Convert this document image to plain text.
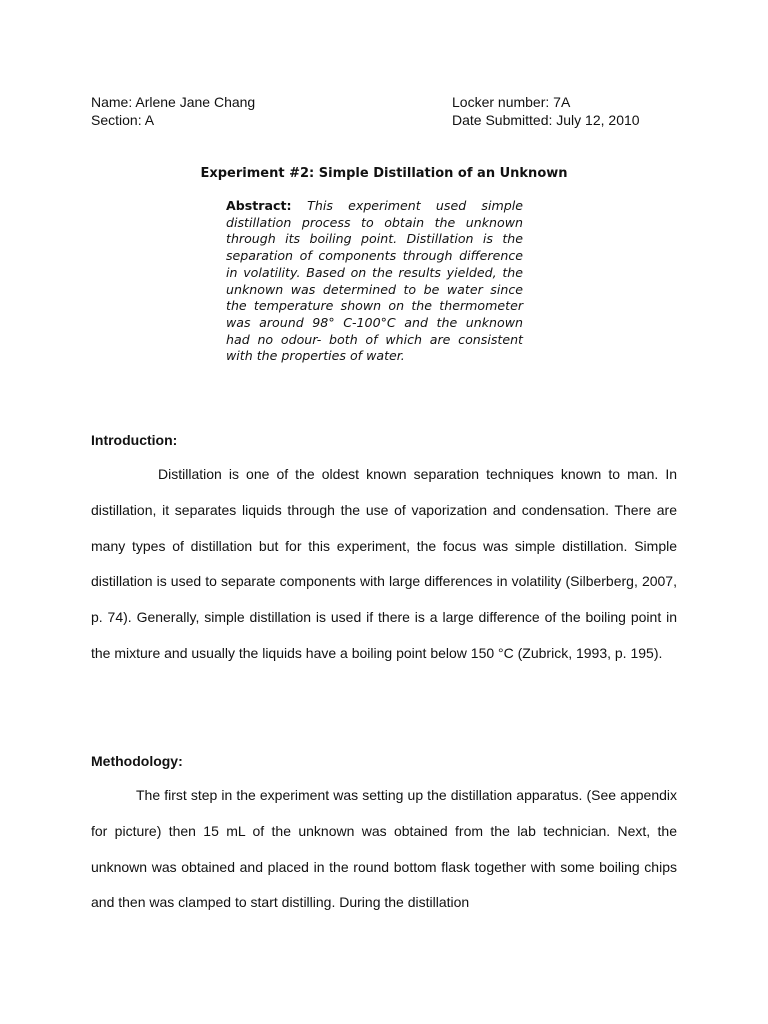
Name: Arlene Jane Chang
Section: A
Locker number: 7A
Date Submitted: July 12, 2010
Experiment #2: Simple Distillation of an Unknown
Abstract: This experiment used simple distillation process to obtain the unknown through its boiling point. Distillation is the separation of components through difference in volatility. Based on the results yielded, the unknown was determined to be water since the temperature shown on the thermometer was around 98° C-100°C and the unknown had no odour- both of which are consistent with the properties of water.
Introduction:
Distillation is one of the oldest known separation techniques known to man. In distillation, it separates liquids through the use of vaporization and condensation. There are many types of distillation but for this experiment, the focus was simple distillation. Simple distillation is used to separate components with large differences in volatility (Silberberg, 2007, p. 74). Generally, simple distillation is used if there is a large difference of the boiling point in the mixture and usually the liquids have a boiling point below 150 °C (Zubrick, 1993, p. 195).
Methodology:
The first step in the experiment was setting up the distillation apparatus. (See appendix for picture) then 15 mL of the unknown was obtained from the lab technician. Next, the unknown was obtained and placed in the round bottom flask together with some boiling chips and then was clamped to start distilling. During the distillation
